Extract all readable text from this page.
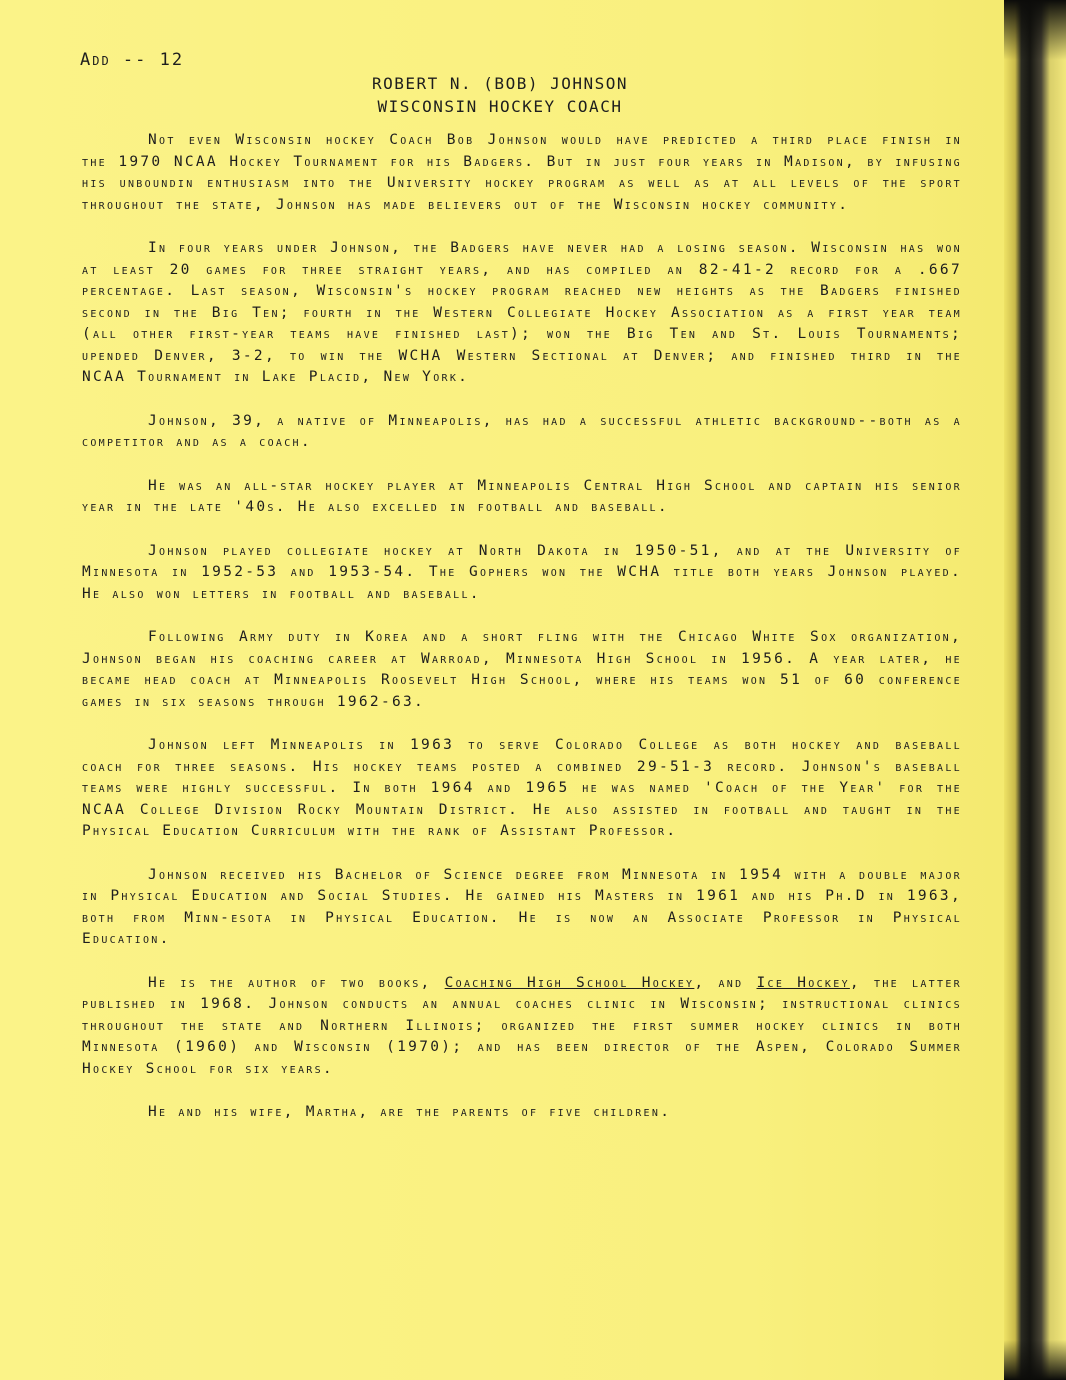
Add -- 12
ROBERT N. (BOB) JOHNSON
WISCONSIN HOCKEY COACH

Not even Wisconsin hockey Coach Bob Johnson would have predicted a third place finish in the 1970 NCAA Hockey Tournament for his Badgers. But in just four years in Madison, by infusing his unboundin enthusiasm into the University hockey program as well as at all levels of the sport throughout the state, Johnson has made believers out of the Wisconsin hockey community.

In four years under Johnson, the Badgers have never had a losing season. Wisconsin has won at least 20 games for three straight years, and has compiled an 82-41-2 record for a .667 percentage. Last season, Wisconsin's hockey program reached new heights as the Badgers finished second in the Big Ten; fourth in the Western Collegiate Hockey Association as a first year team (all other first-year teams have finished last); won the Big Ten and St. Louis Tournaments; upended Denver, 3-2, to win the WCHA Western Sectional at Denver; and finished third in the NCAA Tournament in Lake Placid, New York.

Johnson, 39, a native of Minneapolis, has had a successful athletic background--both as a competitor and as a coach.

He was an all-star hockey player at Minneapolis Central High School and captain his senior year in the late '40s. He also excelled in football and baseball.

Johnson played collegiate hockey at North Dakota in 1950-51, and at the University of Minnesota in 1952-53 and 1953-54. The Gophers won the WCHA title both years Johnson played. He also won letters in football and baseball.

Following Army duty in Korea and a short fling with the Chicago White Sox organization, Johnson began his coaching career at Warroad, Minnesota High School in 1956. A year later, he became head coach at Minneapolis Roosevelt High School, where his teams won 51 of 60 conference games in six seasons through 1962-63.

Johnson left Minneapolis in 1963 to serve Colorado College as both hockey and baseball coach for three seasons. His hockey teams posted a combined 29-51-3 record. Johnson's baseball teams were highly successful. In both 1964 and 1965 he was named 'Coach of the Year' for the NCAA College Division Rocky Mountain District. He also assisted in football and taught in the Physical Education Curriculum with the rank of Assistant Professor.

Johnson received his Bachelor of Science degree from Minnesota in 1954 with a double major in Physical Education and Social Studies. He gained his Masters in 1961 and his Ph.D in 1963, both from Minn-esota in Physical Education. He is now an Associate Professor in Physical Education.

He is the author of two books, Coaching High School Hockey, and Ice Hockey, the latter published in 1968. Johnson conducts an annual coaches clinic in Wisconsin; instructional clinics throughout the state and Northern Illinois; organized the first summer hockey clinics in both Minnesota (1960) and Wisconsin (1970); and has been director of the Aspen, Colorado Summer Hockey School for six years.

He and his wife, Martha, are the parents of five children.
